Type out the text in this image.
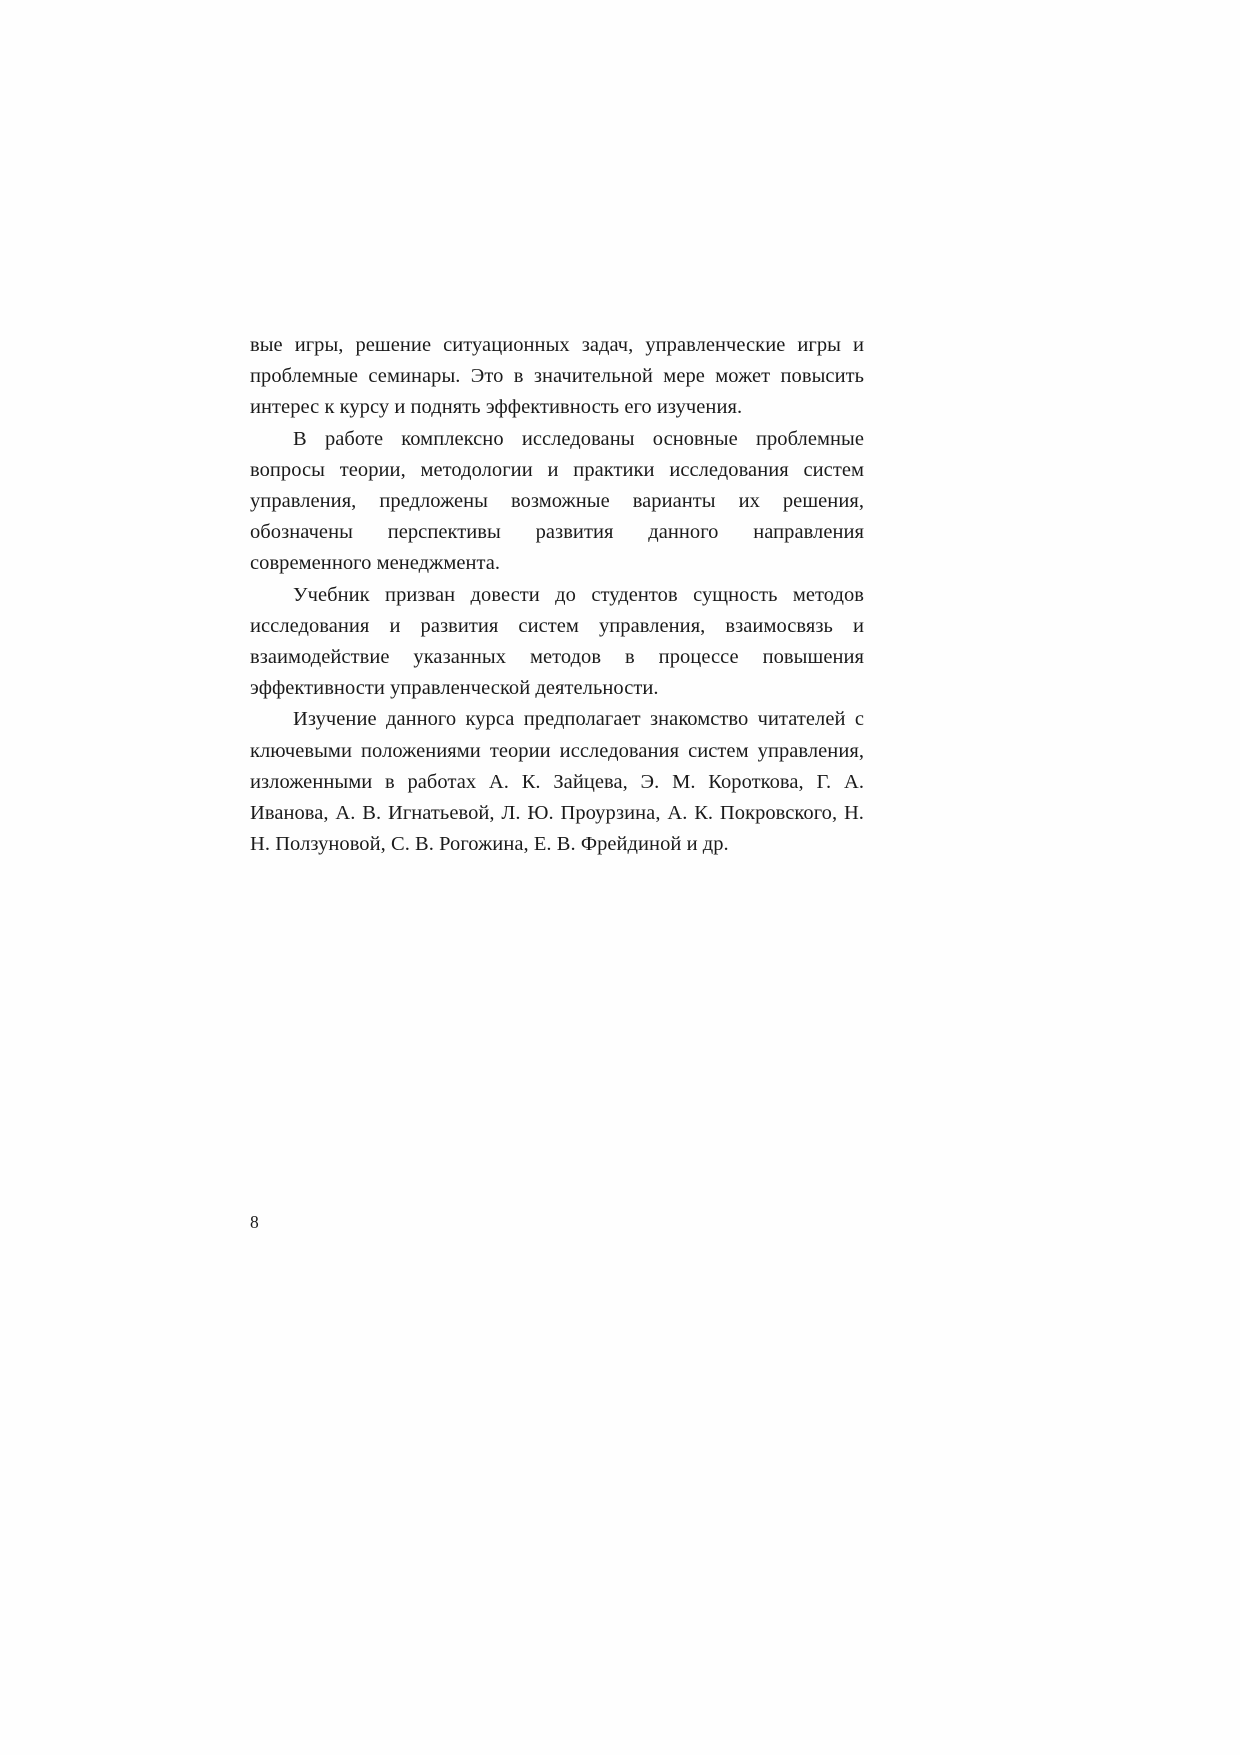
вые игры, решение ситуационных задач, управленческие игры и проблемные семинары. Это в значительной мере может повысить интерес к курсу и поднять эффективность его изучения.

В работе комплексно исследованы основные проблемные вопросы теории, методологии и практики исследования систем управления, предложены возможные варианты их решения, обозначены перспективы развития данного направления современного менеджмента.

Учебник призван довести до студентов сущность методов исследования и развития систем управления, взаимосвязь и взаимодействие указанных методов в процессе повышения эффективности управленческой деятельности.

Изучение данного курса предполагает знакомство читателей с ключевыми положениями теории исследования систем управления, изложенными в работах А. К. Зайцева, Э. М. Короткова, Г. А. Иванова, А. В. Игнатьевой, Л. Ю. Проурзина, А. К. Покровского, Н. Н. Ползуновой, С. В. Рогожина, Е. В. Фрейдиной и др.

8
